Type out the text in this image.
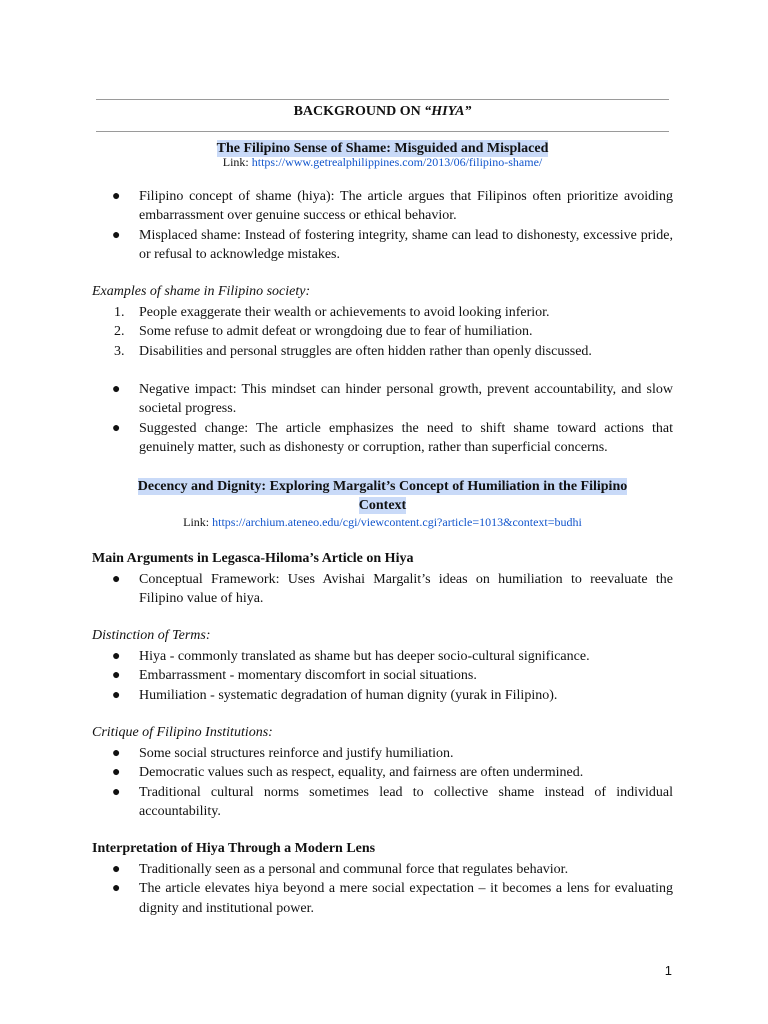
BACKGROUND ON “HIYA”
The Filipino Sense of Shame: Misguided and Misplaced
Link: https://www.getrealphilippines.com/2013/06/filipino-shame/
● Filipino concept of shame (hiya): The article argues that Filipinos often prioritize avoiding embarrassment over genuine success or ethical behavior.
● Misplaced shame: Instead of fostering integrity, shame can lead to dishonesty, excessive pride, or refusal to acknowledge mistakes.
Examples of shame in Filipino society:
1. People exaggerate their wealth or achievements to avoid looking inferior.
2. Some refuse to admit defeat or wrongdoing due to fear of humiliation.
3. Disabilities and personal struggles are often hidden rather than openly discussed.
● Negative impact: This mindset can hinder personal growth, prevent accountability, and slow societal progress.
● Suggested change: The article emphasizes the need to shift shame toward actions that genuinely matter, such as dishonesty or corruption, rather than superficial concerns.
Decency and Dignity: Exploring Margalit’s Concept of Humiliation in the Filipino
Context
Link: https://archium.ateneo.edu/cgi/viewcontent.cgi?article=1013&context=budhi
Main Arguments in Legasca-Hiloma’s Article on Hiya
● Conceptual Framework: Uses Avishai Margalit’s ideas on humiliation to reevaluate the Filipino value of hiya.
Distinction of Terms:
● Hiya - commonly translated as shame but has deeper socio-cultural significance.
● Embarrassment - momentary discomfort in social situations.
● Humiliation - systematic degradation of human dignity (yurak in Filipino).
Critique of Filipino Institutions:
● Some social structures reinforce and justify humiliation.
● Democratic values such as respect, equality, and fairness are often undermined.
● Traditional cultural norms sometimes lead to collective shame instead of individual accountability.
Interpretation of Hiya Through a Modern Lens
● Traditionally seen as a personal and communal force that regulates behavior.
● The article elevates hiya beyond a mere social expectation – it becomes a lens for evaluating dignity and institutional power.
1
